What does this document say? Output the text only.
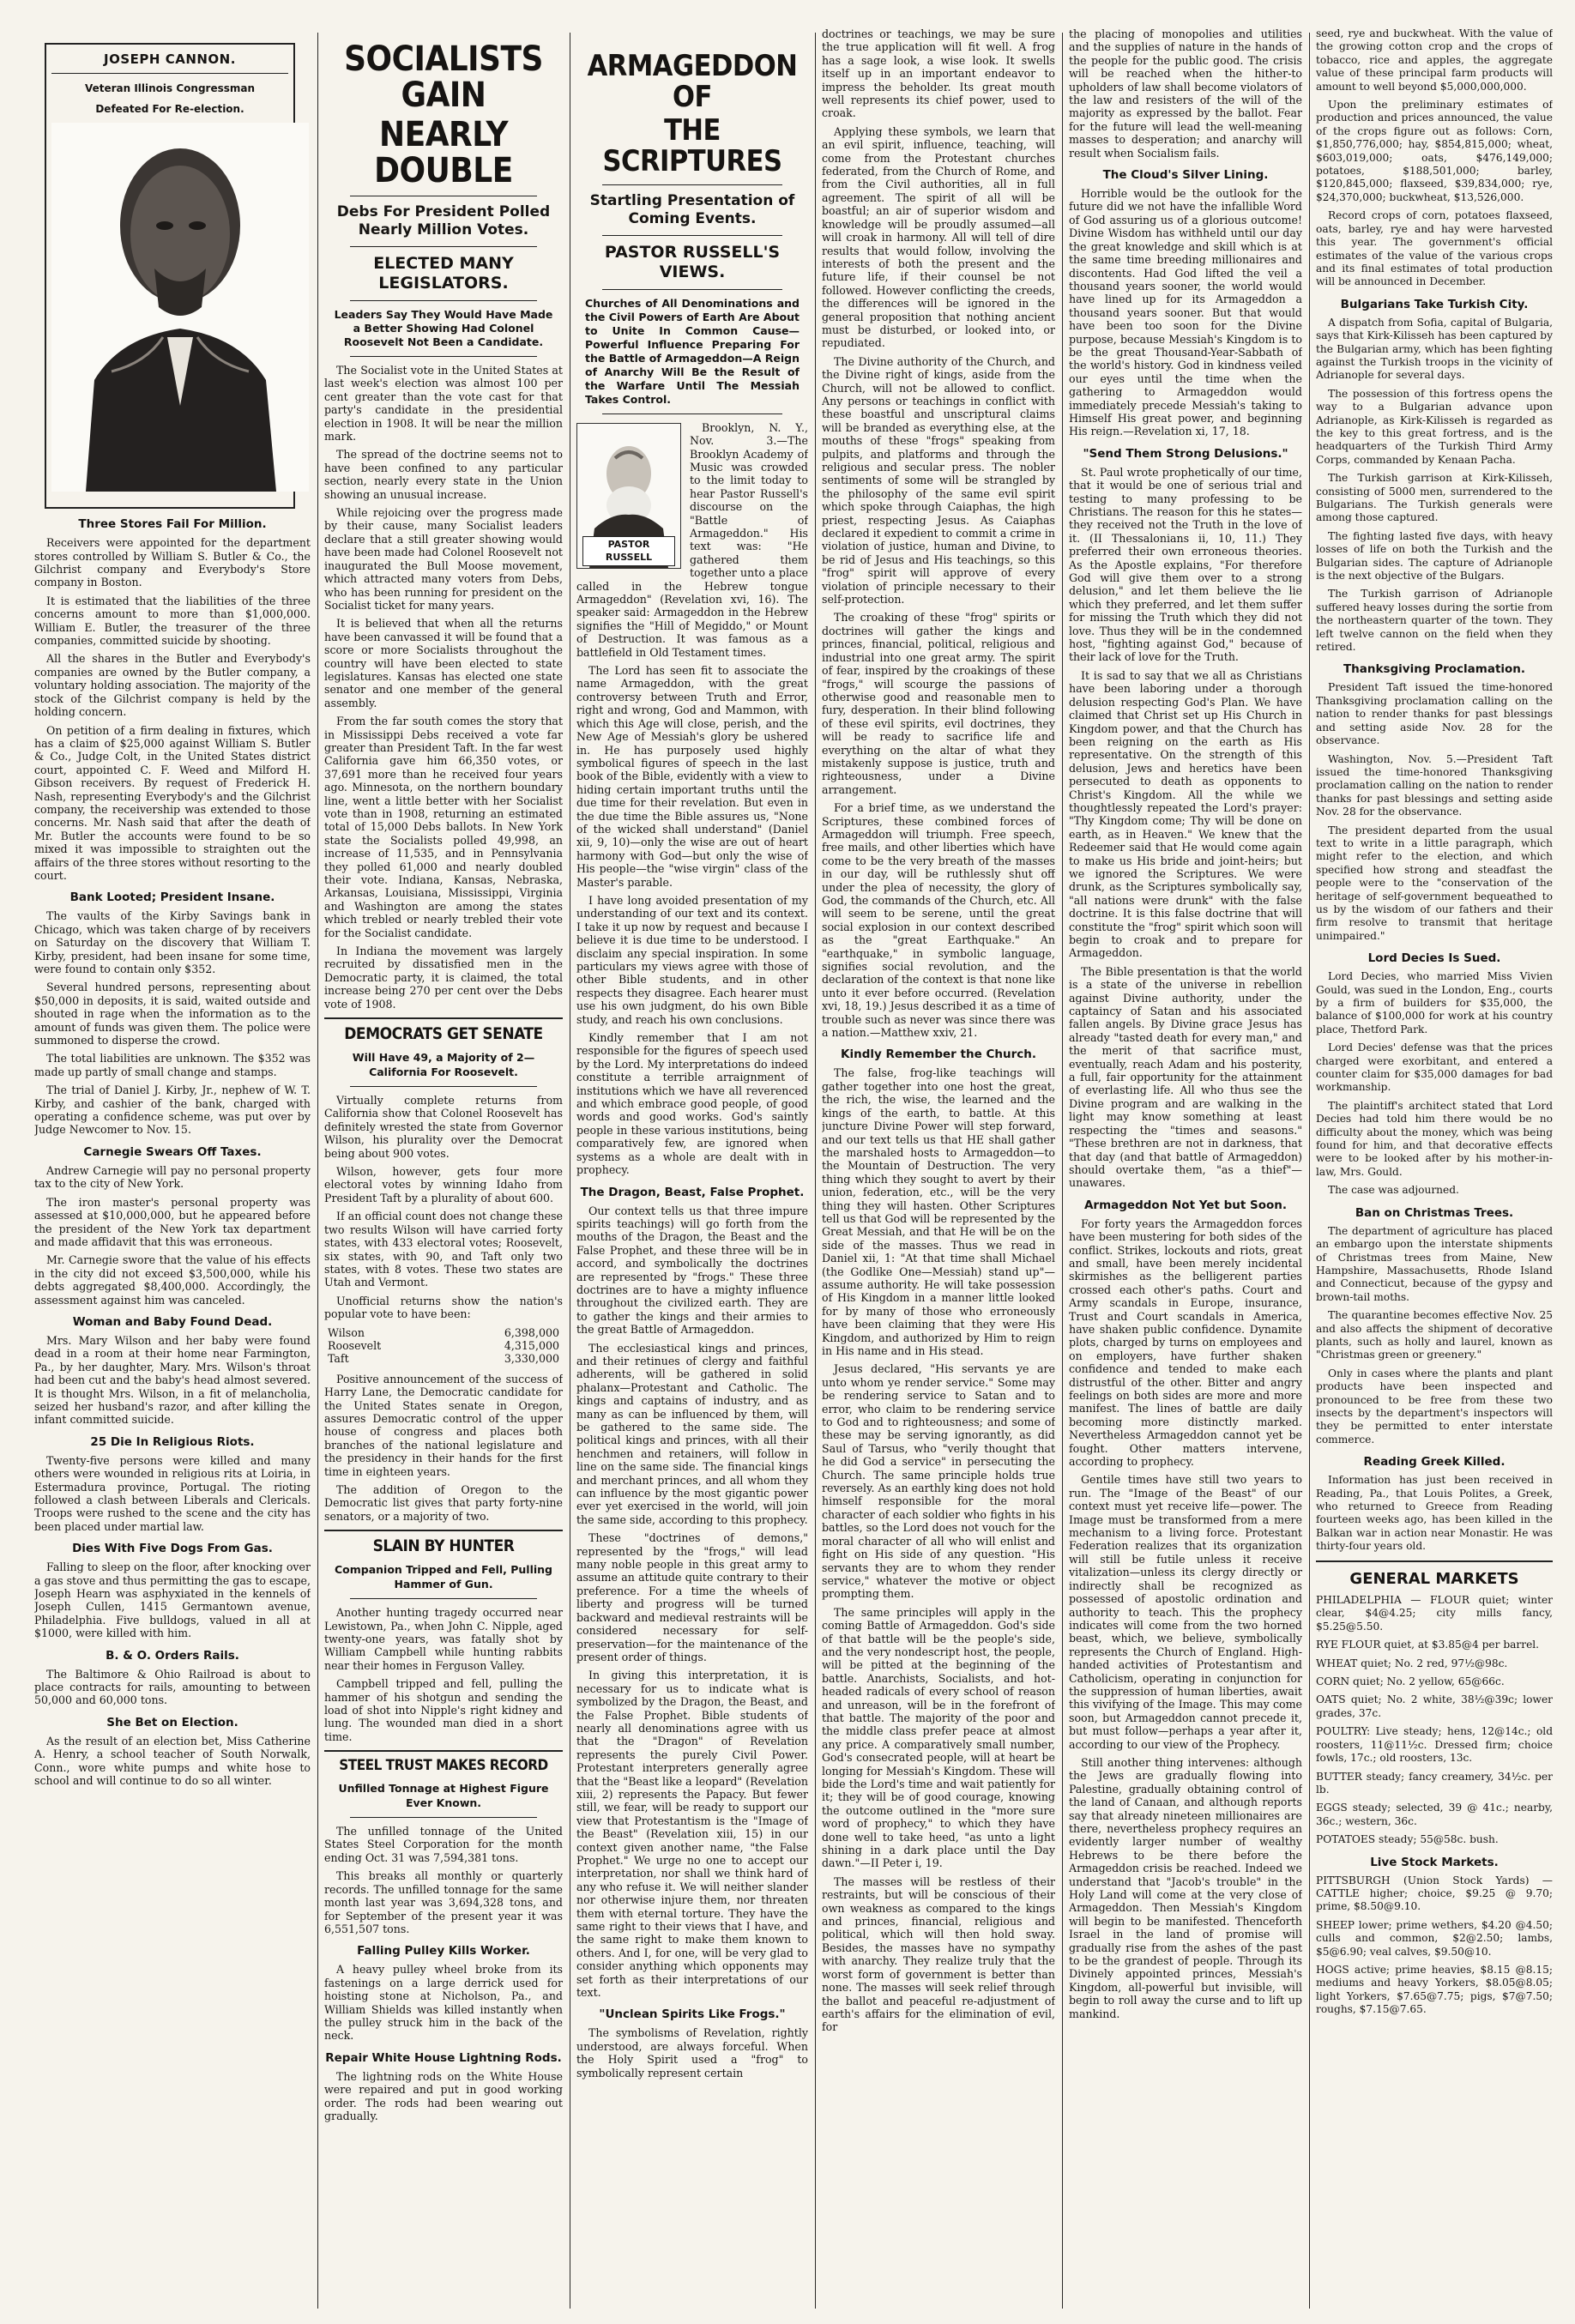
JOSEPH CANNON.
Veteran Illinois Congressman
Defeated For Re-election.
Three Stores Fail For Million.

Receivers were appointed for the department stores controlled by William S. Butler & Co., the Gilchrist company and Everybody's Store company in Boston.

It is estimated that the liabilities of the three concerns amount to more than $1,000,000. William E. Butler, the treasurer of the three companies, committed suicide by shooting.

All the shares in the Butler and Everybody's companies are owned by the Butler company, a voluntary holding association. The majority of the stock of the Gilchrist company is held by the holding concern.

On petition of a firm dealing in fixtures, which has a claim of $25,000 against William S. Butler & Co., Judge Colt, in the United States district court, appointed C. F. Weed and Milford H. Gibson receivers. By request of Frederick H. Nash, representing Everybody's and the Gilchrist company, the receivership was extended to those concerns. Mr. Nash said that after the death of Mr. Butler the accounts were found to be so mixed it was impossible to straighten out the affairs of the three stores without resorting to the court.

Bank Looted; President Insane.

The vaults of the Kirby Savings bank in Chicago, which was taken charge of by receivers on Saturday on the discovery that William T. Kirby, president, had been insane for some time, were found to contain only $352.

Several hundred persons, representing about $50,000 in deposits, it is said, waited outside and shouted in rage when the information as to the amount of funds was given them. The police were summoned to disperse the crowd.

The total liabilities are unknown. The $352 was made up partly of small change and stamps.

The trial of Daniel J. Kirby, Jr., nephew of W. T. Kirby, and cashier of the bank, charged with operating a confidence scheme, was put over by Judge Newcomer to Nov. 15.

Carnegie Swears Off Taxes.

Andrew Carnegie will pay no personal property tax to the city of New York.

The iron master's personal property was assessed at $10,000,000, but he appeared before the president of the New York tax department and made affidavit that this was erroneous.

Mr. Carnegie swore that the value of his effects in the city did not exceed $3,500,000, while his debts aggregated $8,400,000. Accordingly, the assessment against him was canceled.

Woman and Baby Found Dead.

Mrs. Mary Wilson and her baby were found dead in a room at their home near Farmington, Pa., by her daughter, Mary. Mrs. Wilson's throat had been cut and the baby's head almost severed. It is thought Mrs. Wilson, in a fit of melancholia, seized her husband's razor, and after killing the infant committed suicide.

25 Die In Religious Riots.

Twenty-five persons were killed and many others were wounded in religious rits at Loiria, in Estermadura province, Portugal. The rioting followed a clash between Liberals and Clericals. Troops were rushed to the scene and the city has been placed under martial law.

Dies With Five Dogs From Gas.

Falling to sleep on the floor, after knocking over a gas stove and thus permitting the gas to escape, Joseph Hearn was asphyxiated in the kennels of Joseph Cullen, 1415 Germantown avenue, Philadelphia. Five bulldogs, valued in all at $1000, were killed with him.

B. & O. Orders Rails.

The Baltimore & Ohio Railroad is about to place contracts for rails, amounting to between 50,000 and 60,000 tons.

She Bet on Election.

As the result of an election bet, Miss Catherine A. Henry, a school teacher of South Norwalk, Conn., wore white pumps and white hose to school and will continue to do so all winter.

SOCIALISTS GAIN
NEARLY DOUBLE
Debs For President Polled Nearly Million Votes.
ELECTED MANY LEGISLATORS.
Leaders Say They Would Have Made a Better Showing Had Colonel Roosevelt Not Been a Candidate.

The Socialist vote in the United States at last week's election was almost 100 per cent greater than the vote cast for that party's candidate in the presidential election in 1908. It will be near the million mark.

The spread of the doctrine seems not to have been confined to any particular section, nearly every state in the Union showing an unusual increase.

While rejoicing over the progress made by their cause, many Socialist leaders declare that a still greater showing would have been made had Colonel Roosevelt not inaugurated the Bull Moose movement, which attracted many voters from Debs, who has been running for president on the Socialist ticket for many years.

It is believed that when all the returns have been canvassed it will be found that a score or more Socialists throughout the country will have been elected to state legislatures. Kansas has elected one state senator and one member of the general assembly.

From the far south comes the story that in Mississippi Debs received a vote far greater than President Taft. In the far west California gave him 66,350 votes, or 37,691 more than he received four years ago. Minnesota, on the northern boundary line, went a little better with her Socialist vote than in 1908, returning an estimated total of 15,000 Debs ballots. In New York state the Socialists polled 49,998, an increase of 11,535, and in Pennsylvania they polled 61,000 and nearly doubled their vote. Indiana, Kansas, Nebraska, Arkansas, Louisiana, Mississippi, Virginia and Washington are among the states which trebled or nearly trebled their vote for the Socialist candidate.

In Indiana the movement was largely recruited by dissatisfied men in the Democratic party, it is claimed, the total increase being 270 per cent over the Debs vote of 1908.

DEMOCRATS GET SENATE
Will Have 49, a Majority of 2—California For Roosevelt.

Virtually complete returns from California show that Colonel Roosevelt has definitely wrested the state from Governor Wilson, his plurality over the Democrat being about 900 votes.

Wilson, however, gets four more electoral votes by winning Idaho from President Taft by a plurality of about 600.

If an official count does not change these two results Wilson will have carried forty states, with 433 electoral votes; Roosevelt, six states, with 90, and Taft only two states, with 8 votes. These two states are Utah and Vermont.

Unofficial returns show the nation's popular vote to have been:

Wilson	6,398,000
Roosevelt	4,315,000
Taft	3,330,000

Positive announcement of the success of Harry Lane, the Democratic candidate for the United States senate in Oregon, assures Democratic control of the upper house of congress and places both branches of the national legislature and the presidency in their hands for the first time in eighteen years.

The addition of Oregon to the Democratic list gives that party forty-nine senators, or a majority of two.

SLAIN BY HUNTER
Companion Tripped and Fell, Pulling Hammer of Gun.

Another hunting tragedy occurred near Lewistown, Pa., when John C. Nipple, aged twenty-one years, was fatally shot by William Campbell while hunting rabbits near their homes in Ferguson Valley.

Campbell tripped and fell, pulling the hammer of his shotgun and sending the load of shot into Nipple's right kidney and lung. The wounded man died in a short time.

STEEL TRUST MAKES RECORD
Unfilled Tonnage at Highest Figure Ever Known.

The unfilled tonnage of the United States Steel Corporation for the month ending Oct. 31 was 7,594,381 tons.

This breaks all monthly or quarterly records. The unfilled tonnage for the same month last year was 3,694,328 tons, and for September of the present year it was 6,551,507 tons.

Falling Pulley Kills Worker.

A heavy pulley wheel broke from its fastenings on a large derrick used for hoisting stone at Nicholson, Pa., and William Shields was killed instantly when the pulley struck him in the back of the neck.

Repair White House Lightning Rods.

The lightning rods on the White House were repaired and put in good working order. The rods had been wearing out gradually.

ARMAGEDDON OF
THE SCRIPTURES
Startling Presentation of Coming Events.
PASTOR RUSSELL'S VIEWS.
Churches of All Denominations and the Civil Powers of Earth Are About to Unite In Common Cause—Powerful Influence Preparing For the Battle of Armageddon—A Reign of Anarchy Will Be the Result of the Warfare Until The Messiah Takes Control.
PASTOR RUSSELL

Brooklyn, N. Y., Nov. 3.—The Brooklyn Academy of Music was crowded to the limit today to hear Pastor Russell's discourse on the "Battle of Armageddon." His text was: "He gathered them together unto a place called in the Hebrew tongue Armageddon" (Revelation xvi, 16). The speaker said: Armageddon in the Hebrew signifies the "Hill of Megiddo," or Mount of Destruction. It was famous as a battlefield in Old Testament times.

The Lord has seen fit to associate the name Armageddon, with the great controversy between Truth and Error, right and wrong, God and Mammon, with which this Age will close, perish, and the New Age of Messiah's glory be ushered in. He has purposely used highly symbolical figures of speech in the last book of the Bible, evidently with a view to hiding certain important truths until the due time for their revelation. But even in the due time the Bible assures us, "None of the wicked shall understand" (Daniel xii, 9, 10)—only the wise are out of heart harmony with God—but only the wise of His people—the "wise virgin" class of the Master's parable.

I have long avoided presentation of my understanding of our text and its context. I take it up now by request and because I believe it is due time to be understood. I disclaim any special inspiration. In some particulars my views agree with those of other Bible students, and in other respects they disagree. Each hearer must use his own judgment, do his own Bible study, and reach his own conclusions.

Kindly remember that I am not responsible for the figures of speech used by the Lord. My interpretations do indeed constitute a terrible arraignment of institutions which we have all reverenced and which embrace good people, of good words and good works. God's saintly people in these various institutions, being comparatively few, are ignored when systems as a whole are dealt with in prophecy.

The Dragon, Beast, False Prophet.

Our context tells us that three impure spirits teachings) will go forth from the mouths of the Dragon, the Beast and the False Prophet, and these three will be in accord, and symbolically the doctrines are represented by "frogs." These three doctrines are to have a mighty influence throughout the civilized earth. They are to gather the kings and their armies to the great Battle of Armageddon.

The ecclesiastical kings and princes, and their retinues of clergy and faithful adherents, will be gathered in solid phalanx—Protestant and Catholic. The kings and captains of industry, and as many as can be influenced by them, will be gathered to the same side. The political kings and princes, with all their henchmen and retainers, will follow in line on the same side. The financial kings and merchant princes, and all whom they can influence by the most gigantic power ever yet exercised in the world, will join the same side, according to this prophecy.

These "doctrines of demons," represented by the "frogs," will lead many noble people in this great army to assume an attitude quite contrary to their preference. For a time the wheels of liberty and progress will be turned backward and medieval restraints will be considered necessary for self-preservation—for the maintenance of the present order of things.

In giving this interpretation, it is necessary for us to indicate what is symbolized by the Dragon, the Beast, and the False Prophet. Bible students of nearly all denominations agree with us that the "Dragon" of Revelation represents the purely Civil Power. Protestant interpreters generally agree that the "Beast like a leopard" (Revelation xiii, 2) represents the Papacy. But fewer still, we fear, will be ready to support our view that Protestantism is the "Image of the Beast" (Revelation xiii, 15) in our context given another name, "the False Prophet." We urge no one to accept our interpretation, nor shall we think hard of any who refuse it. We will neither slander nor otherwise injure them, nor threaten them with eternal torture. They have the same right to their views that I have, and the same right to make them known to others. And I, for one, will be very glad to consider anything which opponents may set forth as their interpretations of our text.

"Unclean Spirits Like Frogs."

The symbolisms of Revelation, rightly understood, are always forceful. When the Holy Spirit used a "frog" to symbolically represent certain

doctrines or teachings, we may be sure the true application will fit well. A frog has a sage look, a wise look. It swells itself up in an important endeavor to impress the beholder. Its great mouth well represents its chief power, used to croak.

Applying these symbols, we learn that an evil spirit, influence, teaching, will come from the Protestant churches federated, from the Church of Rome, and from the Civil authorities, all in full agreement. The spirit of all will be boastful; an air of superior wisdom and knowledge will be proudly assumed—all will croak in harmony. All will tell of dire results that would follow, involving the interests of both the present and the future life, if their counsel be not followed. However conflicting the creeds, the differences will be ignored in the general proposition that nothing ancient must be disturbed, or looked into, or repudiated.

The Divine authority of the Church, and the Divine right of kings, aside from the Church, will not be allowed to conflict. Any persons or teachings in conflict with these boastful and unscriptural claims will be branded as everything else, at the mouths of these "frogs" speaking from pulpits, and platforms and through the religious and secular press. The nobler sentiments of some will be strangled by the philosophy of the same evil spirit which spoke through Caiaphas, the high priest, respecting Jesus. As Caiaphas declared it expedient to commit a crime in violation of justice, human and Divine, to be rid of Jesus and His teachings, so this "frog" spirit will approve of every violation of principle necessary to their self-protection.

The croaking of these "frog" spirits or doctrines will gather the kings and princes, financial, political, religious and industrial into one great army. The spirit of fear, inspired by the croakings of these "frogs," will scourge the passions of otherwise good and reasonable men to fury, desperation. In their blind following of these evil spirits, evil doctrines, they will be ready to sacrifice life and everything on the altar of what they mistakenly suppose is justice, truth and righteousness, under a Divine arrangement.

For a brief time, as we understand the Scriptures, these combined forces of Armageddon will triumph. Free speech, free mails, and other liberties which have come to be the very breath of the masses in our day, will be ruthlessly shut off under the plea of necessity, the glory of God, the commands of the Church, etc. All will seem to be serene, until the great social explosion in our context described as the "great Earthquake." An "earthquake," in symbolic language, signifies social revolution, and the declaration of the context is that none like unto it ever before occurred. (Revelation xvi, 18, 19.) Jesus described it as a time of trouble such as never was since there was a nation.—Matthew xxiv, 21.

Kindly Remember the Church.

The false, frog-like teachings will gather together into one host the great, the rich, the wise, the learned and the kings of the earth, to battle. At this juncture Divine Power will step forward, and our text tells us that HE shall gather the marshaled hosts to Armageddon—to the Mountain of Destruction. The very thing which they sought to avert by their union, federation, etc., will be the very thing they will hasten. Other Scriptures tell us that God will be represented by the Great Messiah, and that He will be on the side of the masses. Thus we read in Daniel xii, 1: "At that time shall Michael (the Godlike One—Messiah) stand up"—assume authority. He will take possession of His Kingdom in a manner little looked for by many of those who erroneously have been claiming that they were His Kingdom, and authorized by Him to reign in His name and in His stead.

Jesus declared, "His servants ye are unto whom ye render service." Some may be rendering service to Satan and to error, who claim to be rendering service to God and to righteousness; and some of these may be serving ignorantly, as did Saul of Tarsus, who "verily thought that he did God a service" in persecuting the Church. The same principle holds true reversely. As an earthly king does not hold himself responsible for the moral character of each soldier who fights in his battles, so the Lord does not vouch for the moral character of all who will enlist and fight on His side of any question. "His servants they are to whom they render service," whatever the motive or object prompting them.

The same principles will apply in the coming Battle of Armageddon. God's side of that battle will be the people's side, and the very nondescript host, the people, will be pitted at the beginning of the battle. Anarchists, Socialists, and hot-headed radicals of every school of reason and unreason, will be in the forefront of that battle. The majority of the poor and the middle class prefer peace at almost any price. A comparatively small number, God's consecrated people, will at heart be longing for Messiah's Kingdom. These will bide the Lord's time and wait patiently for it; they will be of good courage, knowing the outcome outlined in the "more sure word of prophecy," to which they have done well to take heed, "as unto a light shining in a dark place until the Day dawn."—II Peter i, 19.

The masses will be restless of their restraints, but will be conscious of their own weakness as compared to the kings and princes, financial, religious and political, which will then hold sway. Besides, the masses have no sympathy with anarchy. They realize truly that the worst form of government is better than none. The masses will seek relief through the ballot and peaceful re-adjustment of earth's affairs for the elimination of evil, for

the placing of monopolies and utilities and the supplies of nature in the hands of the people for the public good. The crisis will be reached when the hither-to upholders of law shall become violators of the law and resisters of the will of the majority as expressed by the ballot. Fear for the future will lead the well-meaning masses to desperation; and anarchy will result when Socialism fails.

The Cloud's Silver Lining.

Horrible would be the outlook for the future did we not have the infallible Word of God assuring us of a glorious outcome! Divine Wisdom has withheld until our day the great knowledge and skill which is at the same time breeding millionaires and discontents. Had God lifted the veil a thousand years sooner, the world would have lined up for its Armageddon a thousand years sooner. But that would have been too soon for the Divine purpose, because Messiah's Kingdom is to be the great Thousand-Year-Sabbath of the world's history. God in kindness veiled our eyes until the time when the gathering to Armageddon would immediately precede Messiah's taking to Himself His great power, and beginning His reign.—Revelation xi, 17, 18.

"Send Them Strong Delusions."

St. Paul wrote prophetically of our time, that it would be one of serious trial and testing to many professing to be Christians. The reason for this he states—they received not the Truth in the love of it. (II Thessalonians ii, 10, 11.) They preferred their own erroneous theories. As the Apostle explains, "For therefore God will give them over to a strong delusion," and let them believe the lie which they preferred, and let them suffer for missing the Truth which they did not love. Thus they will be in the condemned host, "fighting against God," because of their lack of love for the Truth.

It is sad to say that we all as Christians have been laboring under a thorough delusion respecting God's Plan. We have claimed that Christ set up His Church in Kingdom power, and that the Church has been reigning on the earth as His representative. On the strength of this delusion, Jews and heretics have been persecuted to death as opponents to Christ's Kingdom. All the while we thoughtlessly repeated the Lord's prayer: "Thy Kingdom come; Thy will be done on earth, as in Heaven." We knew that the Redeemer said that He would come again to make us His bride and joint-heirs; but we ignored the Scriptures. We were drunk, as the Scriptures symbolically say, "all nations were drunk" with the false doctrine. It is this false doctrine that will constitute the "frog" spirit which soon will begin to croak and to prepare for Armageddon.

The Bible presentation is that the world is a state of the universe in rebellion against Divine authority, under the captaincy of Satan and his associated fallen angels. By Divine grace Jesus has already "tasted death for every man," and the merit of that sacrifice must, eventually, reach Adam and his posterity, a full, fair opportunity for the attainment of everlasting life. All who thus see the Divine program and are walking in the light may know something at least respecting the "times and seasons." "These brethren are not in darkness, that that day (and that battle of Armageddon) should overtake them, "as a thief"—unawares.

Armageddon Not Yet but Soon.

For forty years the Armageddon forces have been mustering for both sides of the conflict. Strikes, lockouts and riots, great and small, have been merely incidental skirmishes as the belligerent parties crossed each other's paths. Court and Army scandals in Europe, insurance, Trust and Court scandals in America, have shaken public confidence. Dynamite plots, charged by turns on employees and on employers, have further shaken confidence and tended to make each distrustful of the other. Bitter and angry feelings on both sides are more and more manifest. The lines of battle are daily becoming more distinctly marked. Nevertheless Armageddon cannot yet be fought. Other matters intervene, according to prophecy.

Gentile times have still two years to run. The "Image of the Beast" of our context must yet receive life—power. The Image must be transformed from a mere mechanism to a living force. Protestant Federation realizes that its organization will still be futile unless it receive vitalization—unless its clergy directly or indirectly shall be recognized as possessed of apostolic ordination and authority to teach. This the prophecy indicates will come from the two horned beast, which, we believe, symbolically represents the Church of England. High-handed activities of Protestantism and Catholicism, operating in conjunction for the suppression of human liberties, await this vivifying of the Image. This may come soon, but Armageddon cannot precede it, but must follow—perhaps a year after it, according to our view of the Prophecy.

Still another thing intervenes: although the Jews are gradually flowing into Palestine, gradually obtaining control of the land of Canaan, and although reports say that already nineteen millionaires are there, nevertheless prophecy requires an evidently larger number of wealthy Hebrews to be there before the Armageddon crisis be reached. Indeed we understand that "Jacob's trouble" in the Holy Land will come at the very close of Armageddon. Then Messiah's Kingdom will begin to be manifested. Thenceforth Israel in the land of promise will gradually rise from the ashes of the past to be the grandest of people. Through its Divinely appointed princes, Messiah's Kingdom, all-powerful but invisible, will begin to roll away the curse and to lift up mankind.

seed, rye and buckwheat. With the value of the growing cotton crop and the crops of tobacco, rice and apples, the aggregate value of these principal farm products will amount to well beyond $5,000,000,000.

Upon the preliminary estimates of production and prices announced, the value of the crops figure out as follows: Corn, $1,850,776,000; hay, $854,815,000; wheat, $603,019,000; oats, $476,149,000; potatoes, $188,501,000; barley, $120,845,000; flaxseed, $39,834,000; rye, $24,370,000; buckwheat, $13,526,000.

Record crops of corn, potatoes flaxseed, oats, barley, rye and hay were harvested this year. The government's official estimates of the value of the various crops and its final estimates of total production will be announced in December.

Bulgarians Take Turkish City.

A dispatch from Sofia, capital of Bulgaria, says that Kirk-Kilisseh has been captured by the Bulgarian army, which has been fighting against the Turkish troops in the vicinity of Adrianople for several days.

The possession of this fortress opens the way to a Bulgarian advance upon Adrianople, as Kirk-Kilisseh is regarded as the key to this great fortress, and is the headquarters of the Turkish Third Army Corps, commanded by Kenaan Pacha.

The Turkish garrison at Kirk-Kilisseh, consisting of 5000 men, surrendered to the Bulgarians. The Turkish generals were among those captured.

The fighting lasted five days, with heavy losses of life on both the Turkish and the Bulgarian sides. The capture of Adrianople is the next objective of the Bulgars.

The Turkish garrison of Adrianople suffered heavy losses during the sortie from the northeastern quarter of the town. They left twelve cannon on the field when they retired.

Thanksgiving Proclamation.

President Taft issued the time-honored Thanksgiving proclamation calling on the nation to render thanks for past blessings and setting aside Nov. 28 for the observance.

Washington, Nov. 5.—President Taft issued the time-honored Thanksgiving proclamation calling on the nation to render thanks for past blessings and setting aside Nov. 28 for the observance.

The president departed from the usual text to write in a little paragraph, which might refer to the election, and which specified how strong and steadfast the people were to the "conservation of the heritage of self-government bequeathed to us by the wisdom of our fathers and their firm resolve to transmit that heritage unimpaired."

Lord Decies Is Sued.

Lord Decies, who married Miss Vivien Gould, was sued in the London, Eng., courts by a firm of builders for $35,000, the balance of $100,000 for work at his country place, Thetford Park.

Lord Decies' defense was that the prices charged were exorbitant, and entered a counter claim for $35,000 damages for bad workmanship.

The plaintiff's architect stated that Lord Decies had told him there would be no difficulty about the money, which was being found for him, and that decorative effects were to be looked after by his mother-in-law, Mrs. Gould.

The case was adjourned.

Ban on Christmas Trees.

The department of agriculture has placed an embargo upon the interstate shipments of Christmas trees from Maine, New Hampshire, Massachusetts, Rhode Island and Connecticut, because of the gypsy and brown-tail moths.

The quarantine becomes effective Nov. 25 and also affects the shipment of decorative plants, such as holly and laurel, known as "Christmas green or greenery."

Only in cases where the plants and plant products have been inspected and pronounced to be free from these two insects by the department's inspectors will they be permitted to enter interstate commerce.

Reading Greek Killed.

Information has just been received in Reading, Pa., that Louis Polites, a Greek, who returned to Greece from Reading fourteen weeks ago, has been killed in the Balkan war in action near Monastir. He was thirty-four years old.

GENERAL MARKETS

PHILADELPHIA — FLOUR quiet; winter clear, $4@4.25; city mills fancy, $5.25@5.50.

RYE FLOUR quiet, at $3.85@4 per barrel.

WHEAT quiet; No. 2 red, 97½@98c.

CORN quiet; No. 2 yellow, 65@66c.

OATS quiet; No. 2 white, 38½@39c; lower grades, 37c.

POULTRY: Live steady; hens, 12@14c.; old roosters, 11@11½c. Dressed firm; choice fowls, 17c.; old roosters, 13c.

BUTTER steady; fancy creamery, 34½c. per lb.

EGGS steady; selected, 39 @ 41c.; nearby, 36c.; western, 36c.

POTATOES steady; 55@58c. bush.

Live Stock Markets.

PITTSBURGH (Union Stock Yards) —CATTLE higher; choice, $9.25 @ 9.70; prime, $8.50@9.10.

SHEEP lower; prime wethers, $4.20 @4.50; culls and common, $2@2.50; lambs, $5@6.90; veal calves, $9.50@10.

HOGS active; prime heavies, $8.15 @8.15; mediums and heavy Yorkers, $8.05@8.05; light Yorkers, $7.65@7.75; pigs, $7@7.50; roughs, $7.15@7.65.
